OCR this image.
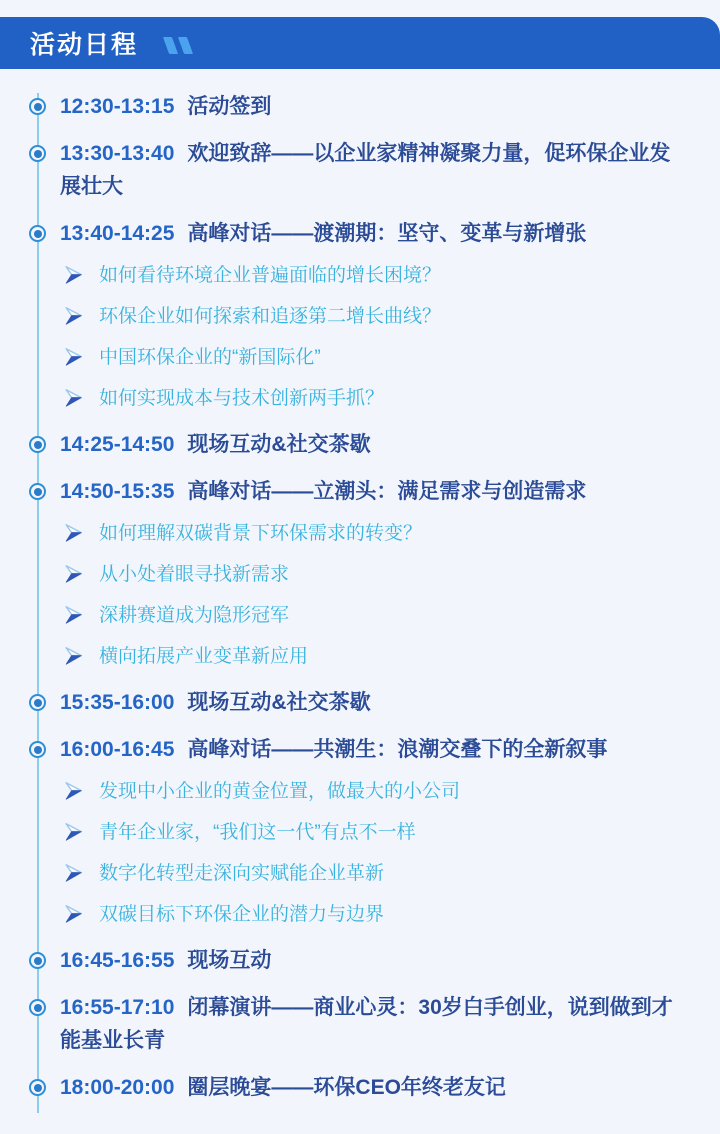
活动日程

12:30-13:15 活动签到

13:30-13:40 欢迎致辞——以企业家精神凝聚力量，促环保企业发展壮大

13:40-14:25 高峰对话——渡潮期：坚守、变革与新增张

如何看待环境企业普遍面临的增长困境？
环保企业如何探索和追逐第二增长曲线？
中国环保企业的“新国际化”
如何实现成本与技术创新两手抓？

14:25-14:50 现场互动&社交茶歇

14:50-15:35 高峰对话——立潮头：满足需求与创造需求

如何理解双碳背景下环保需求的转变？
从小处着眼寻找新需求
深耕赛道成为隐形冠军
横向拓展产业变革新应用

15:35-16:00 现场互动&社交茶歇

16:00-16:45 高峰对话——共潮生：浪潮交叠下的全新叙事

发现中小企业的黄金位置，做最大的小公司
青年企业家，“我们这一代”有点不一样
数字化转型走深向实赋能企业革新
双碳目标下环保企业的潜力与边界

16:45-16:55 现场互动

16:55-17:10 闭幕演讲——商业心灵：30岁白手创业，说到做到才能基业长青

18:00-20:00 圈层晚宴——环保CEO年终老友记
